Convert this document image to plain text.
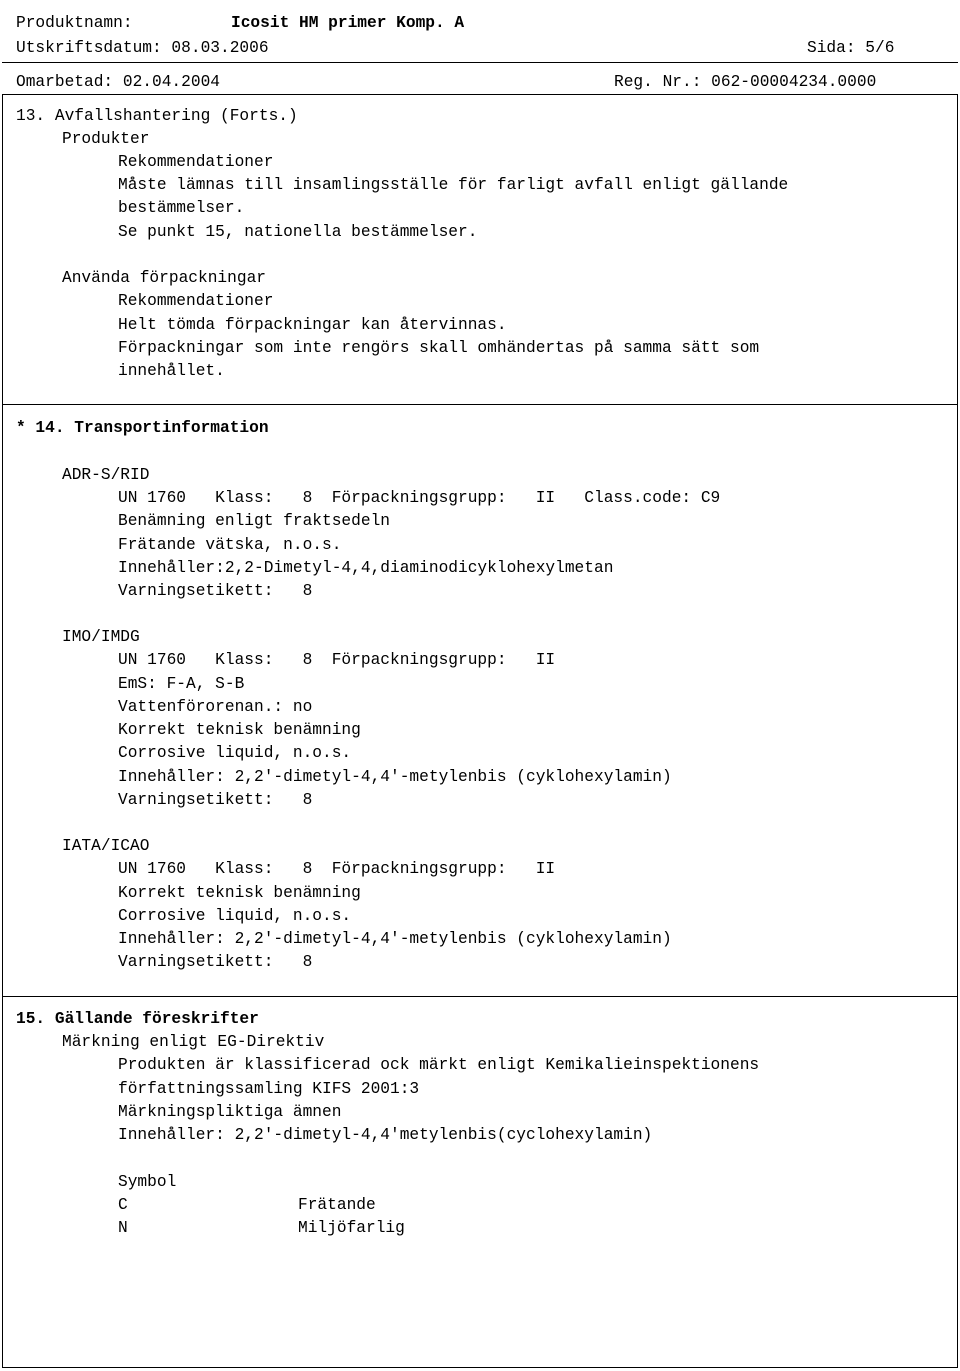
Produktnamn:	Icosit HM primer Komp. A
Utskriftsdatum: 08.03.2006	Sida: 5/6
Omarbetad: 02.04.2004	Reg. Nr.: 062-00004234.0000
13. Avfallshantering (Forts.)
Produkter
Rekommendationer
Måste lämnas till insamlingsställe för farligt avfall enligt gällande
bestämmelser.
Se punkt 15, nationella bestämmelser.
Använda förpackningar
Rekommendationer
Helt tömda förpackningar kan återvinnas.
Förpackningar som inte rengörs skall omhändertas på samma sätt som
innehållet.
* 14. Transportinformation
ADR-S/RID
UN 1760   Klass:   8  Förpackningsgrupp:   II   Class.code: C9
Benämning enligt fraktsedeln
Frätande vätska, n.o.s.
Innehåller:2,2-Dimetyl-4,4,diaminodicyklohexylmetan
Varningsetikett:   8
IMO/IMDG
UN 1760   Klass:   8  Förpackningsgrupp:   II
EmS: F-A, S-B
Vattenförorenan.: no
Korrekt teknisk benämning
Corrosive liquid, n.o.s.
Innehåller: 2,2'-dimetyl-4,4'-metylenbis (cyklohexylamin)
Varningsetikett:   8
IATA/ICAO
UN 1760   Klass:   8  Förpackningsgrupp:   II
Korrekt teknisk benämning
Corrosive liquid, n.o.s.
Innehåller: 2,2'-dimetyl-4,4'-metylenbis (cyklohexylamin)
Varningsetikett:   8
15. Gällande föreskrifter
Märkning enligt EG-Direktiv
Produkten är klassificerad ock märkt enligt Kemikalieinspektionens
författningssamling KIFS 2001:3
Märkningspliktiga ämnen
Innehåller: 2,2'-dimetyl-4,4'metylenbis(cyclohexylamin)
Symbol
C	Frätande
N	Miljöfarlig
